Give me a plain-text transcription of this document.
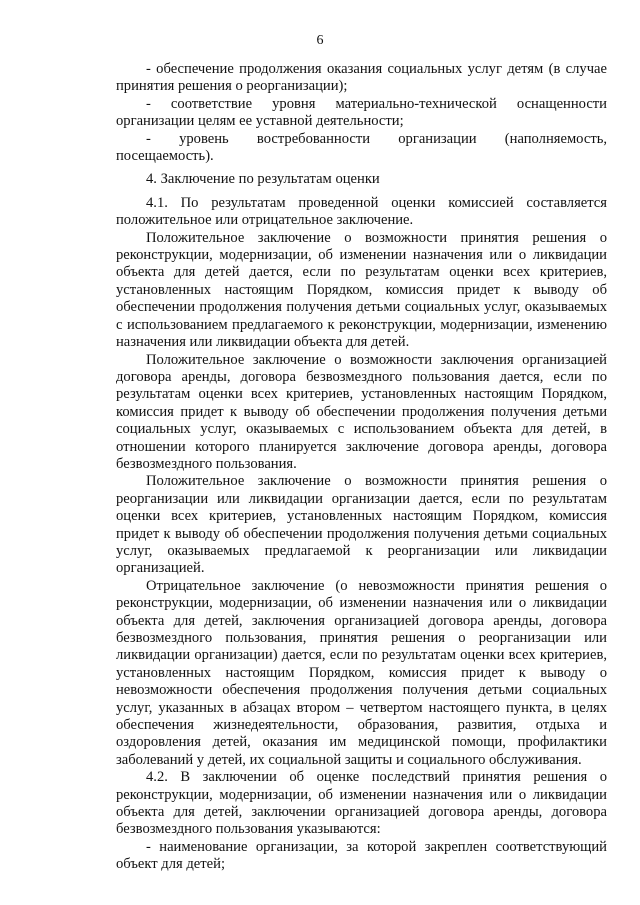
6

- обеспечение продолжения оказания социальных услуг детям (в случае принятия решения о реорганизации);

- соответствие уровня материально-технической оснащенности организации целям ее уставной деятельности;

- уровень востребованности организации (наполняемость, посещаемость).

4. Заключение по результатам оценки

4.1. По результатам проведенной оценки комиссией составляется положительное или отрицательное заключение.

Положительное заключение о возможности принятия решения о реконструкции, модернизации, об изменении назначения или о ликвидации объекта для детей дается, если по результатам оценки всех критериев, установленных настоящим Порядком, комиссия придет к выводу об обеспечении продолжения получения детьми социальных услуг, оказываемых с использованием предлагаемого к реконструкции, модернизации, изменению назначения или ликвидации объекта для детей.

Положительное заключение о возможности заключения организацией договора аренды, договора безвозмездного пользования дается, если по результатам оценки всех критериев, установленных настоящим Порядком, комиссия придет к выводу об обеспечении продолжения получения детьми социальных услуг, оказываемых с использованием объекта для детей, в отношении которого планируется заключение договора аренды, договора безвозмездного пользования.

Положительное заключение о возможности принятия решения о реорганизации или ликвидации организации дается, если по результатам оценки всех критериев, установленных настоящим Порядком, комиссия придет к выводу об обеспечении продолжения получения детьми социальных услуг, оказываемых предлагаемой к реорганизации или ликвидации организацией.

Отрицательное заключение (о невозможности принятия решения о реконструкции, модернизации, об изменении назначения или о ликвидации объекта для детей, заключения организацией договора аренды, договора безвозмездного пользования, принятия решения о реорганизации или ликвидации организации) дается, если по результатам оценки всех критериев, установленных настоящим Порядком, комиссия придет к выводу о невозможности обеспечения продолжения получения детьми социальных услуг, указанных в абзацах втором – четвертом настоящего пункта, в целях обеспечения жизнедеятельности, образования, развития, отдыха и оздоровления детей, оказания им медицинской помощи, профилактики заболеваний у детей, их социальной защиты и социального обслуживания.

4.2. В заключении об оценке последствий принятия решения о реконструкции, модернизации, об изменении назначения или о ликвидации объекта для детей, заключении организацией договора аренды, договора безвозмездного пользования указываются:

- наименование организации, за которой закреплен соответствующий объект для детей;
